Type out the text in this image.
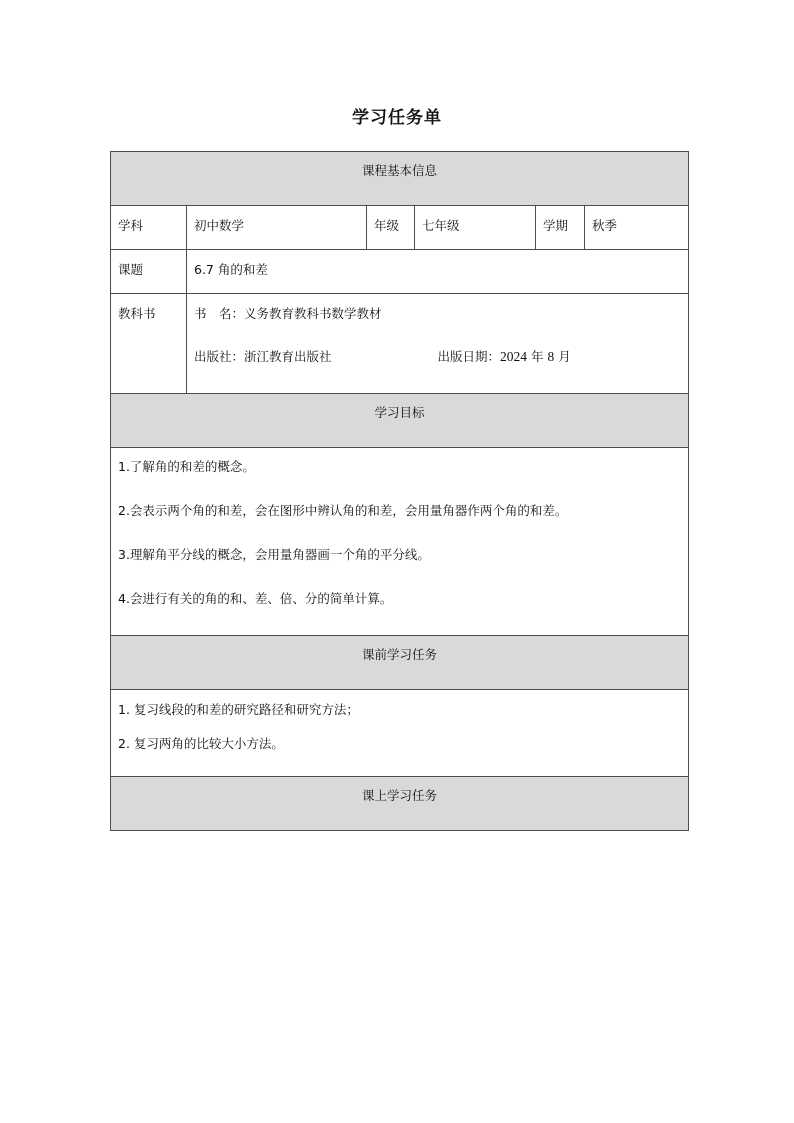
学习任务单
课程基本信息					
学科	初中数学	年级	七年级	学期	秋季
课题	6.7 角的和差				
教科书	书　名：义务教育教科书数学教材
出版社：浙江教育出版社 出版日期：2024 年 8 月				

学习目标					

1.了解角的和差的概念。
2.会表示两个角的和差，会在图形中辨认角的和差，会用量角器作两个角的和差。
3.理解角平分线的概念，会用量角器画一个角的平分线。
4.会进行有关的角的和、差、倍、分的简单计算。					

课前学习任务					

1. 复习线段的和差的研究路径和研究方法；
2. 复习两角的比较大小方法。					

课上学习任务					
